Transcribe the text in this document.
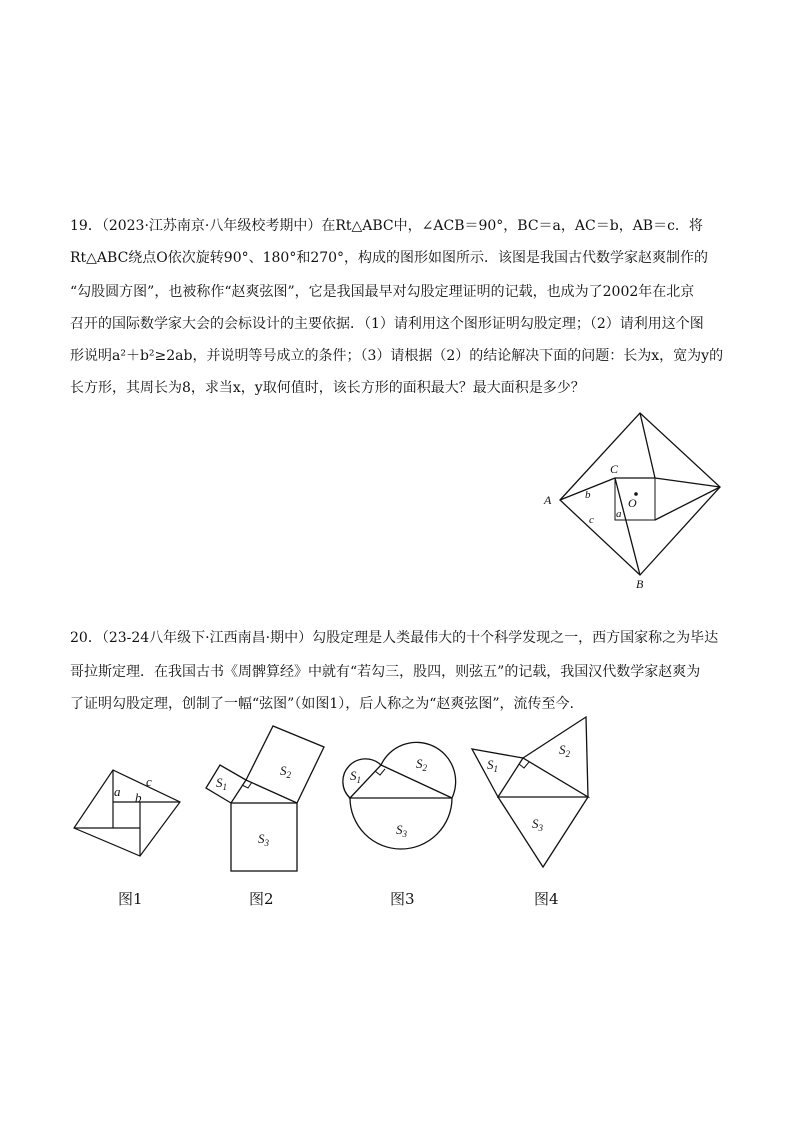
19．（2023·江苏南京·八年级校考期中）在Rt△ABC中，∠ACB＝90°，BC＝a，AC＝b，AB＝c．将
Rt△ABC绕点O依次旋转90°、180°和270°，构成的图形如图所示．该图是我国古代数学家赵爽制作的
“勾股圆方图”，也被称作“赵爽弦图”，它是我国最早对勾股定理证明的记载，也成为了2002年在北京
召开的国际数学家大会的会标设计的主要依据．（1）请利用这个图形证明勾股定理；（2）请利用这个图
形说明a²＋b²≥2ab，并说明等号成立的条件；（3）请根据（2）的结论解决下面的问题：长为x，宽为y的
长方形，其周长为8，求当x，y取何值时，该长方形的面积最大？最大面积是多少？
A
B
C
O
a
b
c
20．（23-24八年级下·江西南昌·期中）勾股定理是人类最伟大的十个科学发现之一，西方国家称之为毕达
哥拉斯定理．在我国古书《周髀算经》中就有“若勾三，股四，则弦五”的记载，我国汉代数学家赵爽为
了证明勾股定理，创制了一幅“弦图”（如图1），后人称之为“赵爽弦图”，流传至今.
a b
c
图1
$S_1$
$S_2$
$S_3$
图2
$S_1$
$S_2$
$S_3$
图3
$S_1$
$S_2$
$S_3$
图4
